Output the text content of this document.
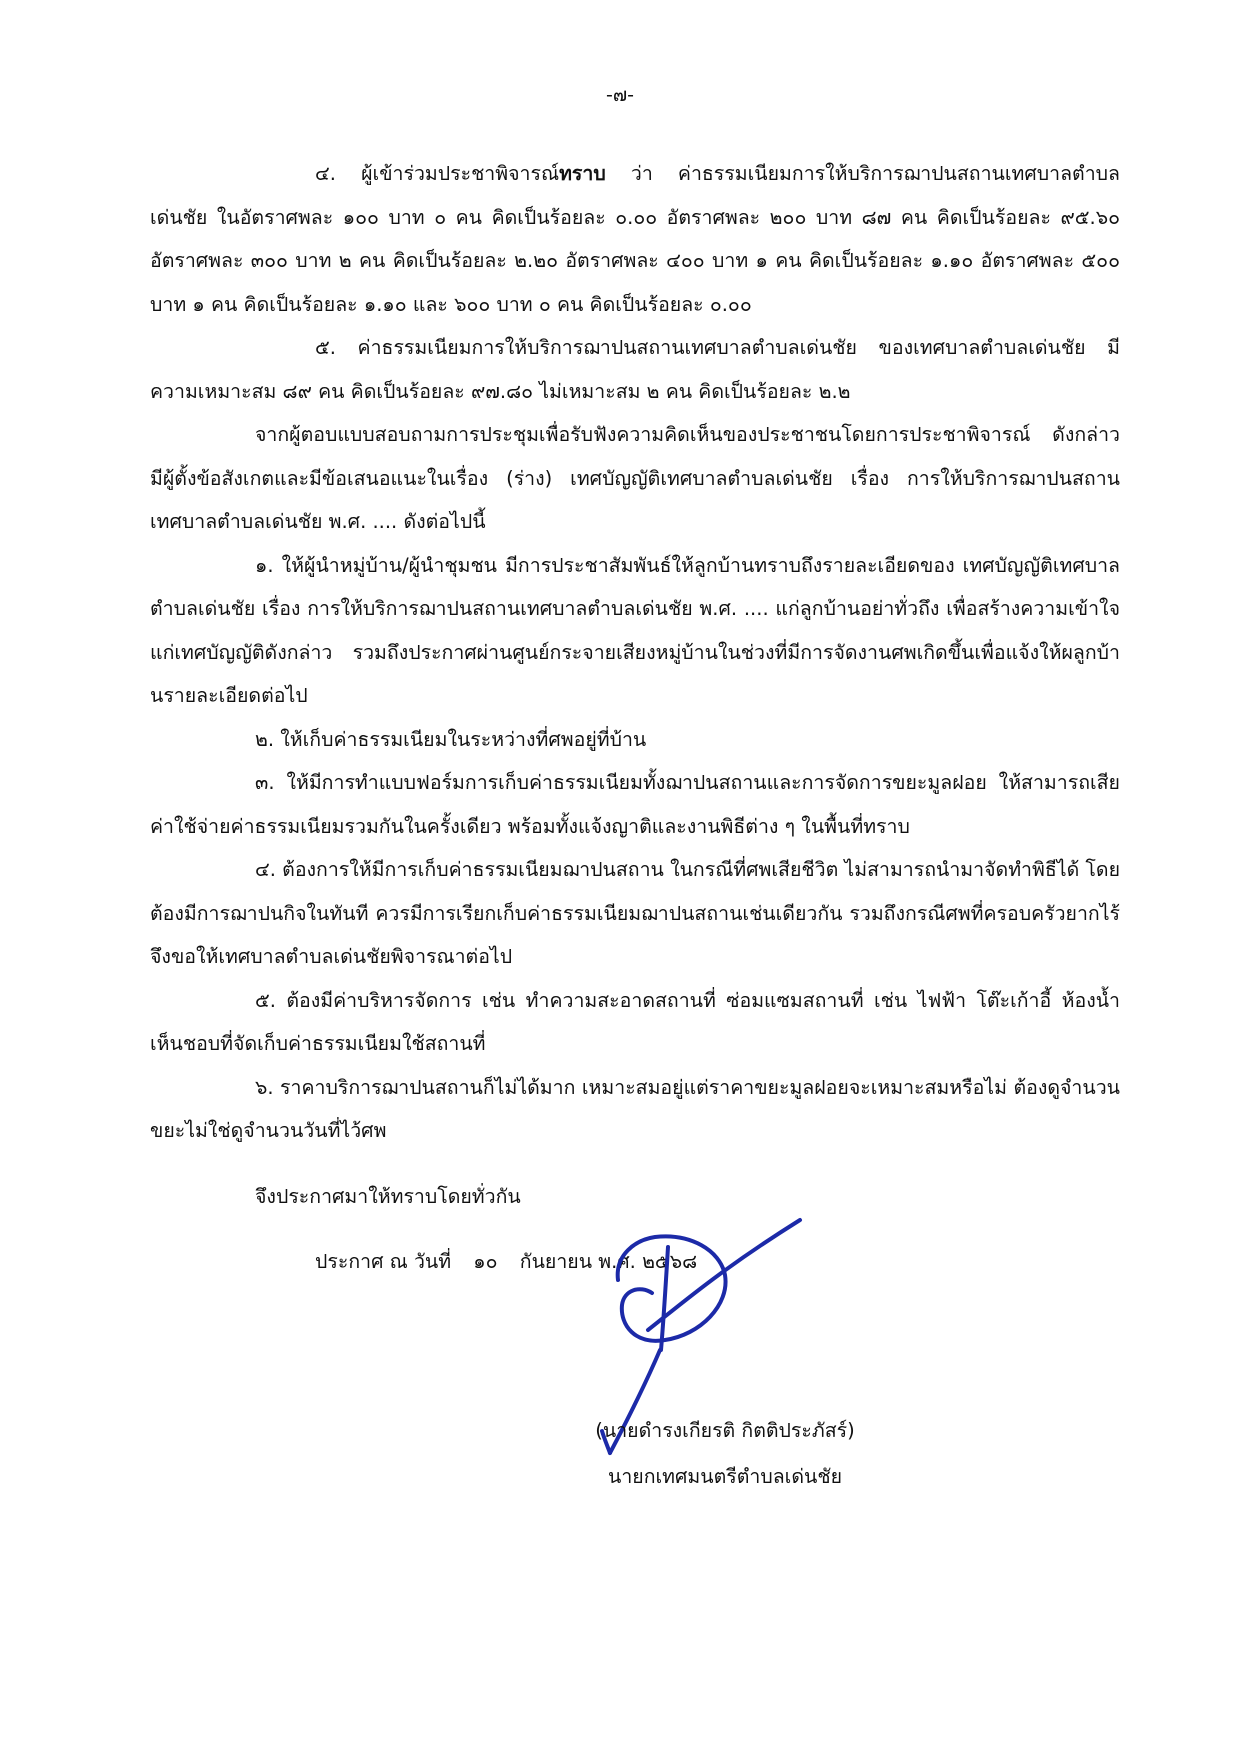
-๗-

๔. ผู้เข้าร่วมประชาพิจารณ์ทราบ ว่า ค่าธรรมเนียมการให้บริการฌาปนสถานเทศบาลตำบลเด่นชัย ในอัตราศพละ ๑๐๐ บาท ๐ คน คิดเป็นร้อยละ ๐.๐๐ อัตราศพละ ๒๐๐ บาท ๘๗ คน คิดเป็นร้อยละ ๙๕.๖๐ อัตราศพละ ๓๐๐ บาท ๒ คน คิดเป็นร้อยละ ๒.๒๐ อัตราศพละ ๔๐๐ บาท ๑ คน คิดเป็นร้อยละ ๑.๑๐ อัตราศพละ ๕๐๐ บาท ๑ คน คิดเป็นร้อยละ ๑.๑๐ และ ๖๐๐ บาท ๐ คน คิดเป็นร้อยละ ๐.๐๐

๕. ค่าธรรมเนียมการให้บริการฌาปนสถานเทศบาลตำบลเด่นชัย ของเทศบาลตำบลเด่นชัย มีความเหมาะสม ๘๙ คน คิดเป็นร้อยละ ๙๗.๘๐ ไม่เหมาะสม ๒ คน คิดเป็นร้อยละ ๒.๒

จากผู้ตอบแบบสอบถามการประชุมเพื่อรับฟังความคิดเห็นของประชาชนโดยการประชาพิจารณ์ ดังกล่าว มีผู้ตั้งข้อสังเกตและมีข้อเสนอแนะในเรื่อง (ร่าง) เทศบัญญัติเทศบาลตำบลเด่นชัย เรื่อง การให้บริการฌาปนสถานเทศบาลตำบลเด่นชัย พ.ศ. .... ดังต่อไปนี้

๑. ให้ผู้นำหมู่บ้าน/ผู้นำชุมชน มีการประชาสัมพันธ์ให้ลูกบ้านทราบถึงรายละเอียดของ เทศบัญญัติเทศบาลตำบลเด่นชัย เรื่อง การให้บริการฌาปนสถานเทศบาลตำบลเด่นชัย พ.ศ. .... แก่ลูกบ้านอย่าทั่วถึง เพื่อสร้างความเข้าใจแก่เทศบัญญัติดังกล่าว รวมถึงประกาศผ่านศูนย์กระจายเสียงหมู่บ้านในช่วงที่มีการจัดงานศพเกิดขึ้นเพื่อแจ้งให้ผลูกบ้านรายละเอียดต่อไป

๒. ให้เก็บค่าธรรมเนียมในระหว่างที่ศพอยู่ที่บ้าน

๓. ให้มีการทำแบบฟอร์มการเก็บค่าธรรมเนียมทั้งฌาปนสถานและการจัดการขยะมูลฝอย ให้สามารถเสียค่าใช้จ่ายค่าธรรมเนียมรวมกันในครั้งเดียว พร้อมทั้งแจ้งญาติและงานพิธีต่าง ๆ ในพื้นที่ทราบ

๔. ต้องการให้มีการเก็บค่าธรรมเนียมฌาปนสถาน ในกรณีที่ศพเสียชีวิต ไม่สามารถนำมาจัดทำพิธีได้ โดยต้องมีการฌาปนกิจในทันที ควรมีการเรียกเก็บค่าธรรมเนียมฌาปนสถานเช่นเดียวกัน รวมถึงกรณีศพที่ครอบครัวยากไร้ จึงขอให้เทศบาลตำบลเด่นชัยพิจารณาต่อไป

๕. ต้องมีค่าบริหารจัดการ เช่น ทำความสะอาดสถานที่ ซ่อมแซมสถานที่ เช่น ไฟฟ้า โต๊ะเก้าอี้ ห้องน้ำ เห็นชอบที่จัดเก็บค่าธรรมเนียมใช้สถานที่

๖. ราคาบริการฌาปนสถานก็ไม่ได้มาก เหมาะสมอยู่แต่ราคาขยะมูลฝอยจะเหมาะสมหรือไม่ ต้องดูจำนวนขยะไม่ใช่ดูจำนวนวันที่ไว้ศพ

จึงประกาศมาให้ทราบโดยทั่วกัน

ประกาศ ณ วันที่ ๑๐ กันยายน พ.ศ. ๒๕๖๘

(นายดำรงเกียรติ กิตติประภัสร์)
นายกเทศมนตรีตำบลเด่นชัย
